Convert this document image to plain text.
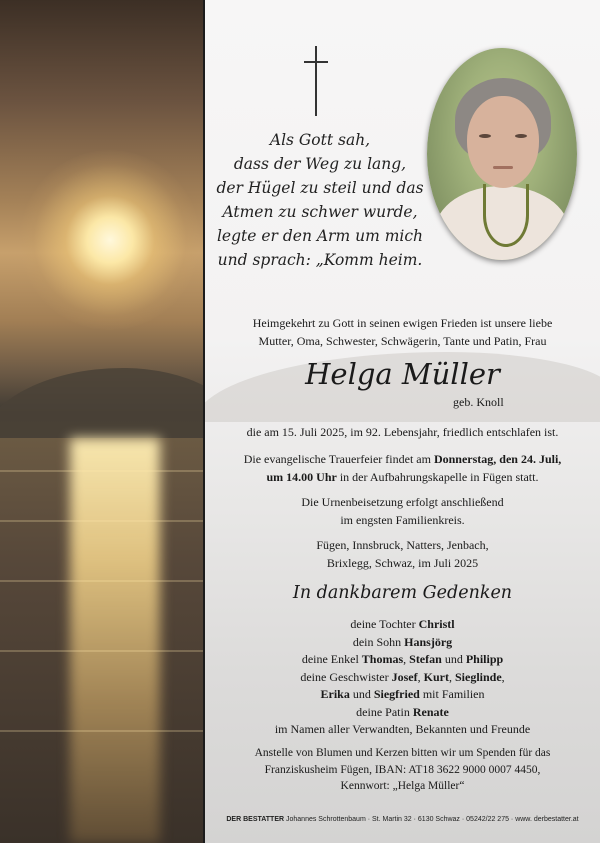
Als Gott sah,
dass der Weg zu lang,
der Hügel zu steil und das
Atmen zu schwer wurde,
legte er den Arm um mich
und sprach: „Komm heim.
Heimgekehrt zu Gott in seinen ewigen Frieden ist unsere liebe
Mutter, Oma, Schwester, Schwägerin, Tante und Patin, Frau
Helga Müller
geb. Knoll
die am 15. Juli 2025, im 92. Lebensjahr, friedlich entschlafen ist.
Die evangelische Trauerfeier findet am Donnerstag, den 24. Juli,
um 14.00 Uhr in der Aufbahrungskapelle in Fügen statt.
Die Urnenbeisetzung erfolgt anschließend
im engsten Familienkreis.
Fügen, Innsbruck, Natters, Jenbach,
Brixlegg, Schwaz, im Juli 2025
In dankbarem Gedenken
deine Tochter Christl
dein Sohn Hansjörg
deine Enkel Thomas, Stefan und Philipp
deine Geschwister Josef, Kurt, Sieglinde,
Erika und Siegfried mit Familien
deine Patin Renate
im Namen aller Verwandten, Bekannten und Freunde
Anstelle von Blumen und Kerzen bitten wir um Spenden für das
Franziskusheim Fügen, IBAN: AT18 3622 9000 0007 4450,
Kennwort: „Helga Müller“
DER BESTATTER Johannes Schrottenbaum · St. Martin 32 · 6130 Schwaz · 05242/22 275 · www. derbestatter.at
